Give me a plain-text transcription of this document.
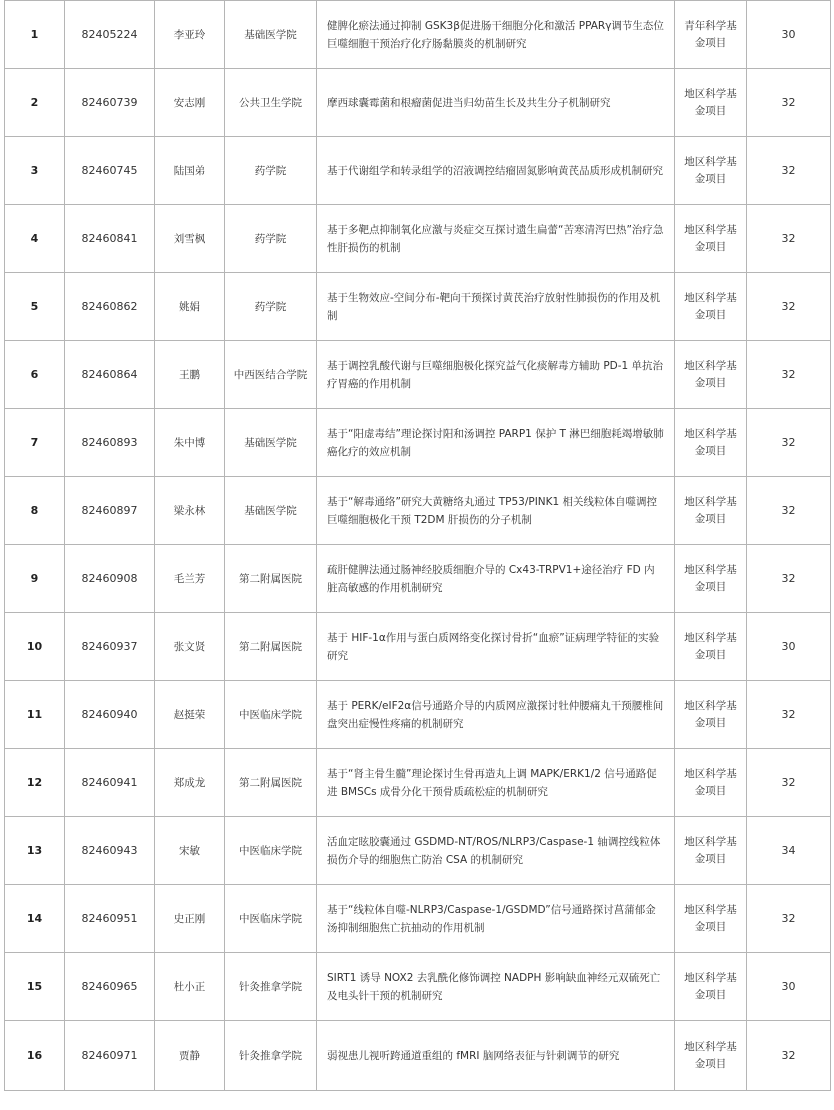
1	82405224	李亚玲	基础医学院	健脾化瘀法通过抑制 GSK3β促进肠干细胞分化和激活 PPARγ调节生态位巨噬细胞干预治疗化疗肠黏膜炎的机制研究	青年科学基金项目	30
2	82460739	安志刚	公共卫生学院	摩西球囊霉菌和根瘤菌促进当归幼苗生长及共生分子机制研究	地区科学基金项目	32
3	82460745	陆国弟	药学院	基于代谢组学和转录组学的沼液调控结瘤固氮影响黄芪品质形成机制研究	地区科学基金项目	32
4	82460841	刘雪枫	药学院	基于多靶点抑制氧化应激与炎症交互探讨遗生扁蕾“苦寒清泻巴热”治疗急性肝损伤的机制	地区科学基金项目	32
5	82460862	姚娟	药学院	基于生物效应-空间分布-靶向干预探讨黄芪治疗放射性肺损伤的作用及机制	地区科学基金项目	32
6	82460864	王鹏	中西医结合学院	基于调控乳酸代谢与巨噬细胞极化探究益气化痰解毒方辅助 PD-1 单抗治疗胃癌的作用机制	地区科学基金项目	32
7	82460893	朱中博	基础医学院	基于“阳虚毒结”理论探讨阳和汤调控 PARP1 保护 T 淋巴细胞耗竭增敏肺癌化疗的效应机制	地区科学基金项目	32
8	82460897	梁永林	基础医学院	基于“解毒通络”研究大黄糖络丸通过 TP53/PINK1 相关线粒体自噬调控巨噬细胞极化干预 T2DM 肝损伤的分子机制	地区科学基金项目	32
9	82460908	毛兰芳	第二附属医院	疏肝健脾法通过肠神经胶质细胞介导的 Cx43-TRPV1+途径治疗 FD 内脏高敏感的作用机制研究	地区科学基金项目	32
10	82460937	张文贤	第二附属医院	基于 HIF-1α作用与蛋白质网络变化探讨骨折“血瘀”证病理学特征的实验研究	地区科学基金项目	30
11	82460940	赵挺荣	中医临床学院	基于 PERK/eIF2α信号通路介导的内质网应激探讨牡仲腰痛丸干预腰椎间盘突出症慢性疼痛的机制研究	地区科学基金项目	32
12	82460941	郑成龙	第二附属医院	基于“肾主骨生髓”理论探讨生骨再造丸上调 MAPK/ERK1/2 信号通路促进 BMSCs 成骨分化干预骨质疏松症的机制研究	地区科学基金项目	32
13	82460943	宋敏	中医临床学院	活血定眩胶囊通过 GSDMD-NT/ROS/NLRP3/Caspase-1 轴调控线粒体损伤介导的细胞焦亡防治 CSA 的机制研究	地区科学基金项目	34
14	82460951	史正刚	中医临床学院	基于“线粒体自噬-NLRP3/Caspase-1/GSDMD”信号通路探讨菖蒲郁金汤抑制细胞焦亡抗抽动的作用机制	地区科学基金项目	32
15	82460965	杜小正	针灸推拿学院	SIRT1 诱导 NOX2 去乳酰化修饰调控 NADPH 影响缺血神经元双硫死亡及电头针干预的机制研究	地区科学基金项目	30
16	82460971	贾静	针灸推拿学院	弱视患儿视听跨通道重组的 fMRI 脑网络表征与针刺调节的研究	地区科学基金项目	32
